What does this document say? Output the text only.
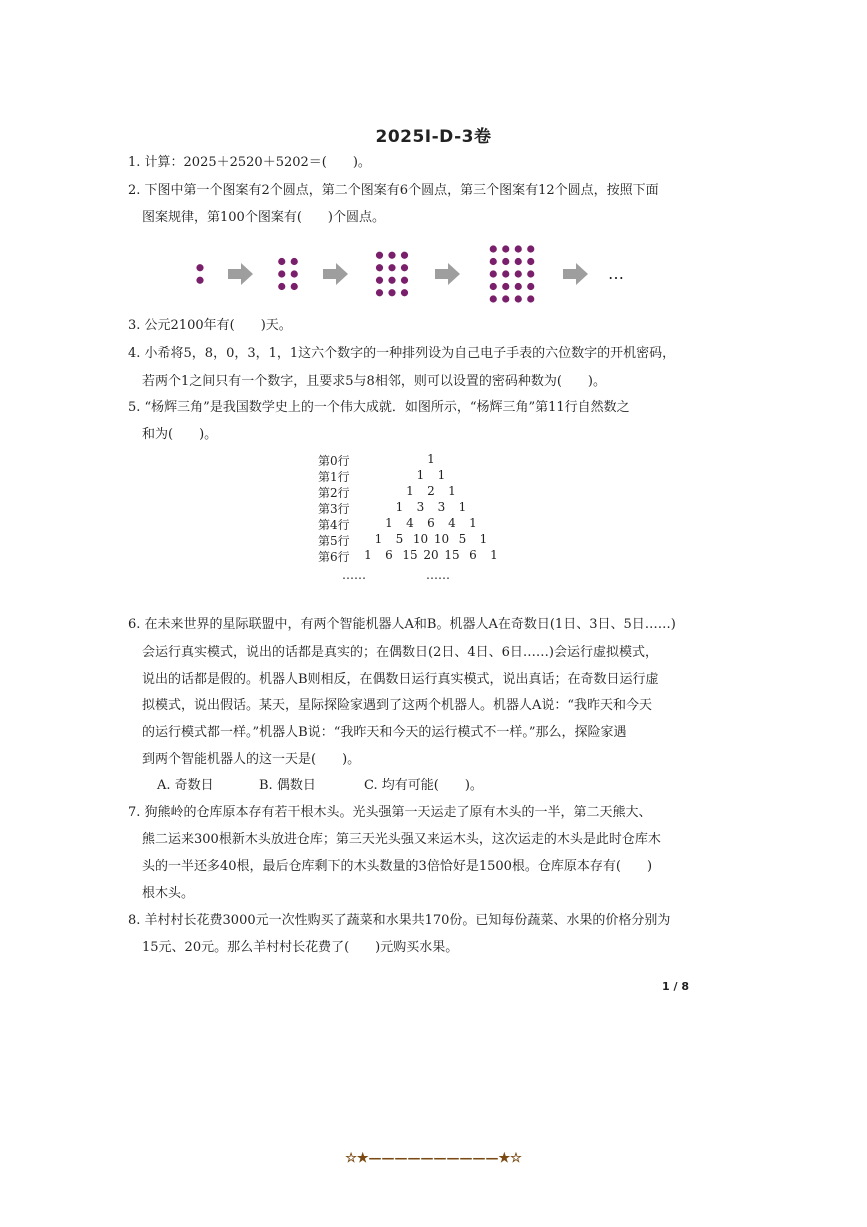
2025I-D-3卷
1. 计算：2025＋2520＋5202＝(　　)。
2. 下图中第一个图案有2个圆点，第二个图案有6个圆点，第三个图案有12个圆点，按照下面
图案规律，第100个图案有(　　)个圆点。
…
3. 公元2100年有(　　)天。
4. 小希将5，8，0，3，1，1这六个数字的一种排列设为自己电子手表的六位数字的开机密码，
若两个1之间只有一个数字，且要求5与8相邻，则可以设置的密码种数为(　　)。
5. “杨辉三角”是我国数学史上的一个伟大成就．如图所示，“杨辉三角”第11行自然数之
和为(　　)。
第0行	1
第1行	1 1
第2行	1 2 1
第3行	1 3 3 1
第4行	1 4 6 4 1
第5行 1 5 10 10 5 1
第6行 1 6 15 20 15 6 1
……	……
6. 在未来世界的星际联盟中，有两个智能机器人A和B。机器人A在奇数日(1日、3日、5日……)
会运行真实模式，说出的话都是真实的；在偶数日(2日、4日、6日……)会运行虚拟模式，
说出的话都是假的。机器人B则相反，在偶数日运行真实模式，说出真话；在奇数日运行虚
拟模式，说出假话。某天，星际探险家遇到了这两个机器人。机器人A说：“我昨天和今天
的运行模式都一样。”机器人B说：“我昨天和今天的运行模式不一样。”那么，探险家遇
到两个智能机器人的这一天是(　　)。
A. 奇数日	B. 偶数日	C. 均有可能(　　)。
7. 狗熊岭的仓库原本存有若干根木头。光头强第一天运走了原有木头的一半，第二天熊大、
熊二运来300根新木头放进仓库；第三天光头强又来运木头，这次运走的木头是此时仓库木
头的一半还多40根，最后仓库剩下的木头数量的3倍恰好是1500根。仓库原本存有(　　)
根木头。
8. 羊村村长花费3000元一次性购买了蔬菜和水果共170份。已知每份蔬菜、水果的价格分别为
15元、20元。那么羊村村长花费了(　　)元购买水果。
1 / 8
☆★——————————★☆
